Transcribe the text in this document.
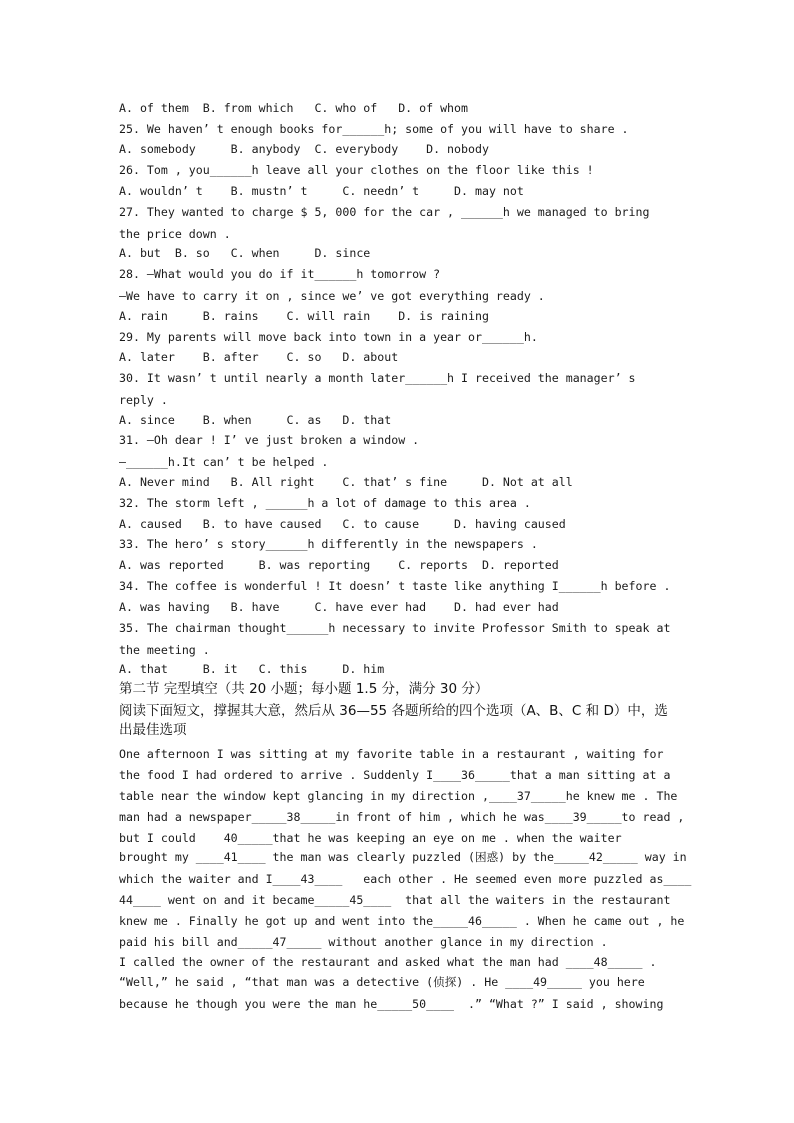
A. of them  B. from which   C. who of   D. of whom
25. We haven’ t enough books for______h; some of you will have to share .
A. somebody     B. anybody  C. everybody    D. nobody
26. Tom , you______h leave all your clothes on the floor like this !
A. wouldn’ t    B. mustn’ t     C. needn’ t     D. may not
27. They wanted to charge $ 5, 000 for the car , ______h we managed to bring
the price down .
A. but  B. so   C. when     D. since
28. —What would you do if it______h tomorrow ?
—We have to carry it on , since we’ ve got everything ready .
A. rain     B. rains    C. will rain    D. is raining
29. My parents will move back into town in a year or______h.
A. later    B. after    C. so   D. about
30. It wasn’ t until nearly a month later______h I received the manager’ s
reply .
A. since    B. when     C. as   D. that
31. —Oh dear ! I’ ve just broken a window .
—______h.It can’ t be helped .
A. Never mind   B. All right    C. that’ s fine     D. Not at all
32. The storm left , ______h a lot of damage to this area .
A. caused   B. to have caused   C. to cause     D. having caused
33. The hero’ s story______h differently in the newspapers .
A. was reported     B. was reporting    C. reports  D. reported
34. The coffee is wonderful ! It doesn’ t taste like anything I______h before .
A. was having   B. have     C. have ever had    D. had ever had
35. The chairman thought______h necessary to invite Professor Smith to speak at
the meeting .
A. that     B. it   C. this     D. him
第二节 完型填空（共 20 小题；每小题 1.5 分，满分 30 分）
阅读下面短文，撑握其大意，然后从 36—55 各题所给的四个选项（A、B、C 和 D）中，选
出最佳选项
One afternoon I was sitting at my favorite table in a restaurant , waiting for
the food I had ordered to arrive . Suddenly I____36_____that a man sitting at a
table near the window kept glancing in my direction ,____37_____he knew me . The
man had a newspaper_____38_____in front of him , which he was____39_____to read ,
but I could    40_____that he was keeping an eye on me . when the waiter
brought my ____41____ the man was clearly puzzled (困惑) by the_____42_____ way in
which the waiter and I____43____   each other . He seemed even more puzzled as____
44____ went on and it became_____45____  that all the waiters in the restaurant
knew me . Finally he got up and went into the_____46_____ . When he came out , he
paid his bill and_____47_____ without another glance in my direction .
I called the owner of the restaurant and asked what the man had ____48_____ .
“Well,” he said , “that man was a detective (侦探) . He ____49_____ you here
because he though you were the man he_____50____  .” “What ?” I said , showing
